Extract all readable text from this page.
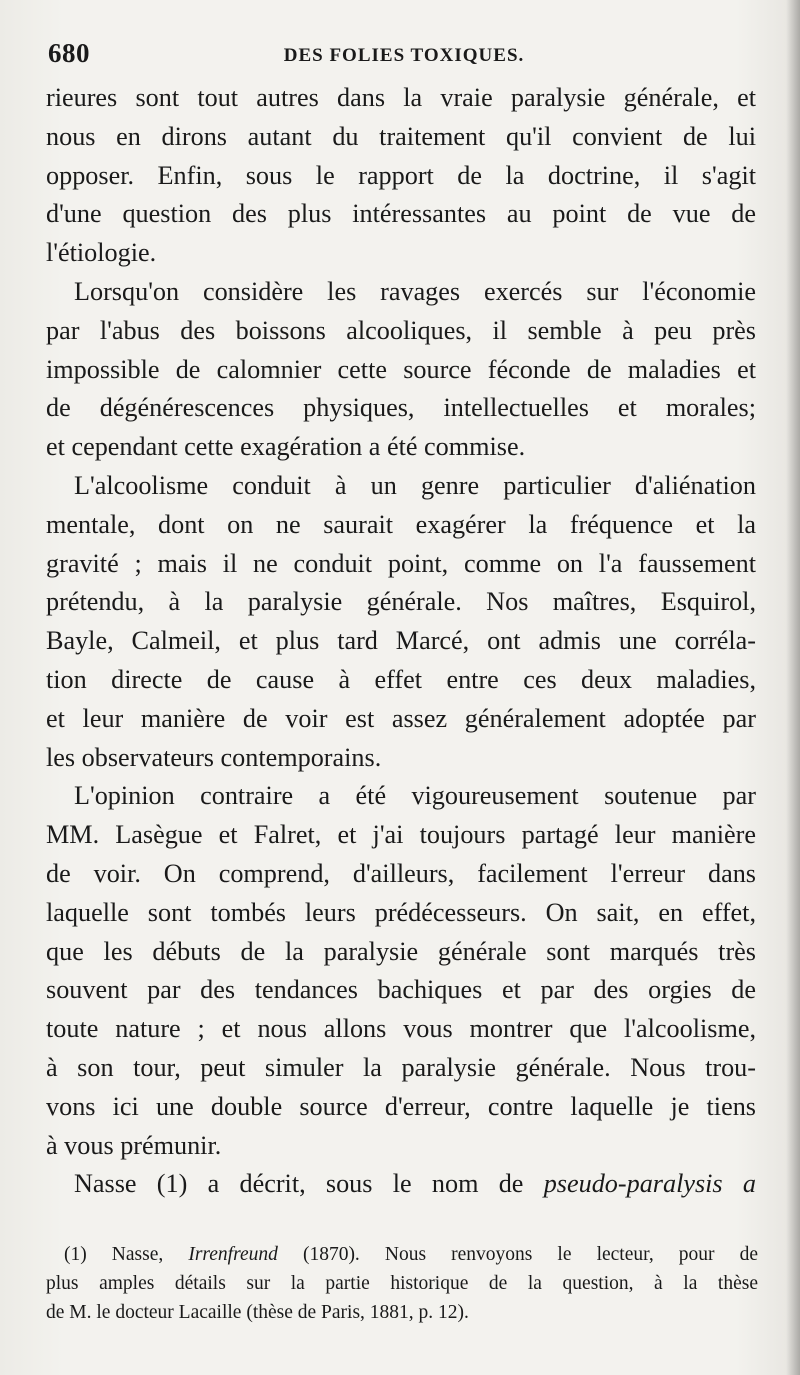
680	DES FOLIES TOXIQUES.
rieures sont tout autres dans la vraie paralysie générale, et
nous en dirons autant du traitement qu'il convient de lui
opposer. Enfin, sous le rapport de la doctrine, il s'agit
d'une question des plus intéressantes au point de vue de
l'étiologie.
Lorsqu'on considère les ravages exercés sur l'économie
par l'abus des boissons alcooliques, il semble à peu près
impossible de calomnier cette source féconde de maladies et
de dégénérescences physiques, intellectuelles et morales;
et cependant cette exagération a été commise.
L'alcoolisme conduit à un genre particulier d'aliénation
mentale, dont on ne saurait exagérer la fréquence et la
gravité ; mais il ne conduit point, comme on l'a faussement
prétendu, à la paralysie générale. Nos maîtres, Esquirol,
Bayle, Calmeil, et plus tard Marcé, ont admis une corréla-
tion directe de cause à effet entre ces deux maladies,
et leur manière de voir est assez généralement adoptée par
les observateurs contemporains.
L'opinion contraire a été vigoureusement soutenue par
MM. Lasègue et Falret, et j'ai toujours partagé leur manière
de voir. On comprend, d'ailleurs, facilement l'erreur dans
laquelle sont tombés leurs prédécesseurs. On sait, en effet,
que les débuts de la paralysie générale sont marqués très
souvent par des tendances bachiques et par des orgies de
toute nature ; et nous allons vous montrer que l'alcoolisme,
à son tour, peut simuler la paralysie générale. Nous trou-
vons ici une double source d'erreur, contre laquelle je tiens
à vous prémunir.
Nasse (1) a décrit, sous le nom de pseudo-paralysis a
(1) Nasse, Irrenfreund (1870). Nous renvoyons le lecteur, pour de
plus amples détails sur la partie historique de la question, à la thèse
de M. le docteur Lacaille (thèse de Paris, 1881, p. 12).
